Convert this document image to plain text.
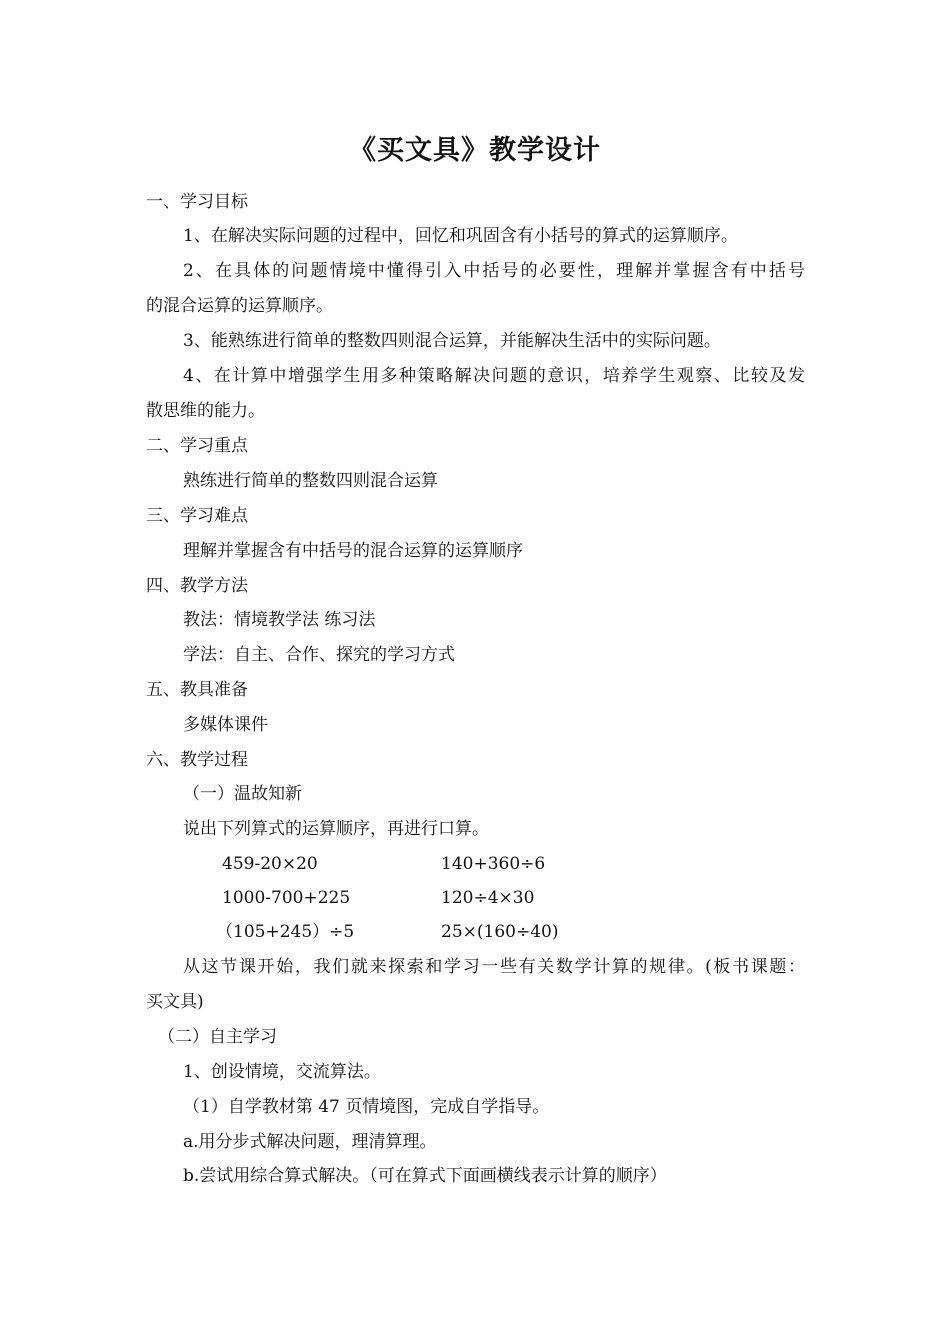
《买文具》教学设计
一、学习目标
1、在解决实际问题的过程中，回忆和巩固含有小括号的算式的运算顺序。
2、在具体的问题情境中懂得引入中括号的必要性，理解并掌握含有中括号
的混合运算的运算顺序。
3、能熟练进行简单的整数四则混合运算，并能解决生活中的实际问题。
4、在计算中增强学生用多种策略解决问题的意识，培养学生观察、比较及发
散思维的能力。
二、学习重点
熟练进行简单的整数四则混合运算
三、学习难点
理解并掌握含有中括号的混合运算的运算顺序
四、教学方法
教法：情境教学法 练习法
学法：自主、合作、探究的学习方式
五、教具准备
多媒体课件
六、教学过程
（一）温故知新
说出下列算式的运算顺序，再进行口算。
459-20×20	140+360÷6
1000-700+225	120÷4×30
（105+245）÷5	25×(160÷40)
从这节课开始，我们就来探索和学习一些有关数学计算的规律。(板书课题：
买文具)
（二）自主学习
1、创设情境，交流算法。
（1）自学教材第 47 页情境图，完成自学指导。
a.用分步式解决问题，理清算理。
b.尝试用综合算式解决。（可在算式下面画横线表示计算的顺序）
